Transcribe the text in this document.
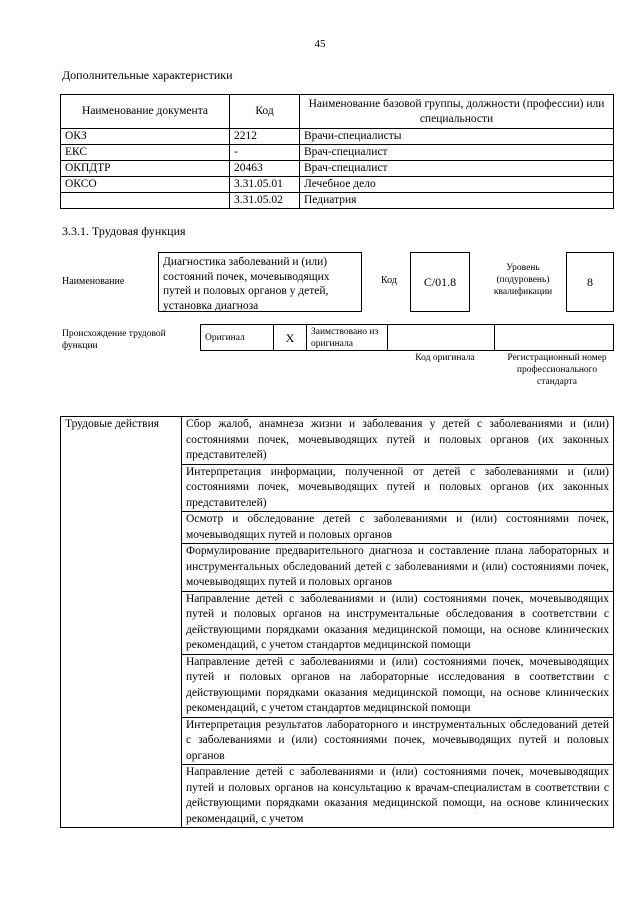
45
Дополнительные характеристики
Наименование документа	Код	Наименование базовой группы, должности (профессии) или специальности
ОКЗ	2212	Врачи-специалисты
ЕКС	-	Врач-специалист
ОКПДТР	20463	Врач-специалист
ОКСО	3.31.05.01	Лечебное дело
	3.31.05.02	Педиатрия
3.3.1. Трудовая функция
Наименование
Диагностика заболеваний и (или) состояний почек, мочевыводящих путей и половых органов у детей, установка диагноза
Код	C/01.8
Уровень (подуровень) квалификации
8
Происхождение трудовой функции
Оригинал	X	Заимствовано из оригинала		
Код оригинала	Регистрационный номер профессионального стандарта
Трудовые действия	Сбор жалоб, анамнеза жизни и заболевания у детей с заболеваниями и (или) состояниями почек, мочевыводящих путей и половых органов (их законных представителей)
Интерпретация информации, полученной от детей с заболеваниями и (или) состояниями почек, мочевыводящих путей и половых органов (их законных представителей)
Осмотр и обследование детей с заболеваниями и (или) состояниями почек, мочевыводящих путей и половых органов
Формулирование предварительного диагноза и составление плана лабораторных и инструментальных обследований детей с заболеваниями и (или) состояниями почек, мочевыводящих путей и половых органов
Направление детей с заболеваниями и (или) состояниями почек, мочевыводящих путей и половых органов на инструментальные обследования в соответствии с действующими порядками оказания медицинской помощи, на основе клинических рекомендаций, с учетом стандартов медицинской помощи
Направление детей с заболеваниями и (или) состояниями почек, мочевыводящих путей и половых органов на лабораторные исследования в соответствии с действующими порядками оказания медицинской помощи, на основе клинических рекомендаций, с учетом стандартов медицинской помощи
Интерпретация результатов лабораторного и инструментальных обследований детей с заболеваниями и (или) состояниями почек, мочевыводящих путей и половых органов
Направление детей с заболеваниями и (или) состояниями почек, мочевыводящих путей и половых органов на консультацию к врачам-специалистам в соответствии с действующими порядками оказания медицинской помощи, на основе клинических рекомендаций, с учетом
